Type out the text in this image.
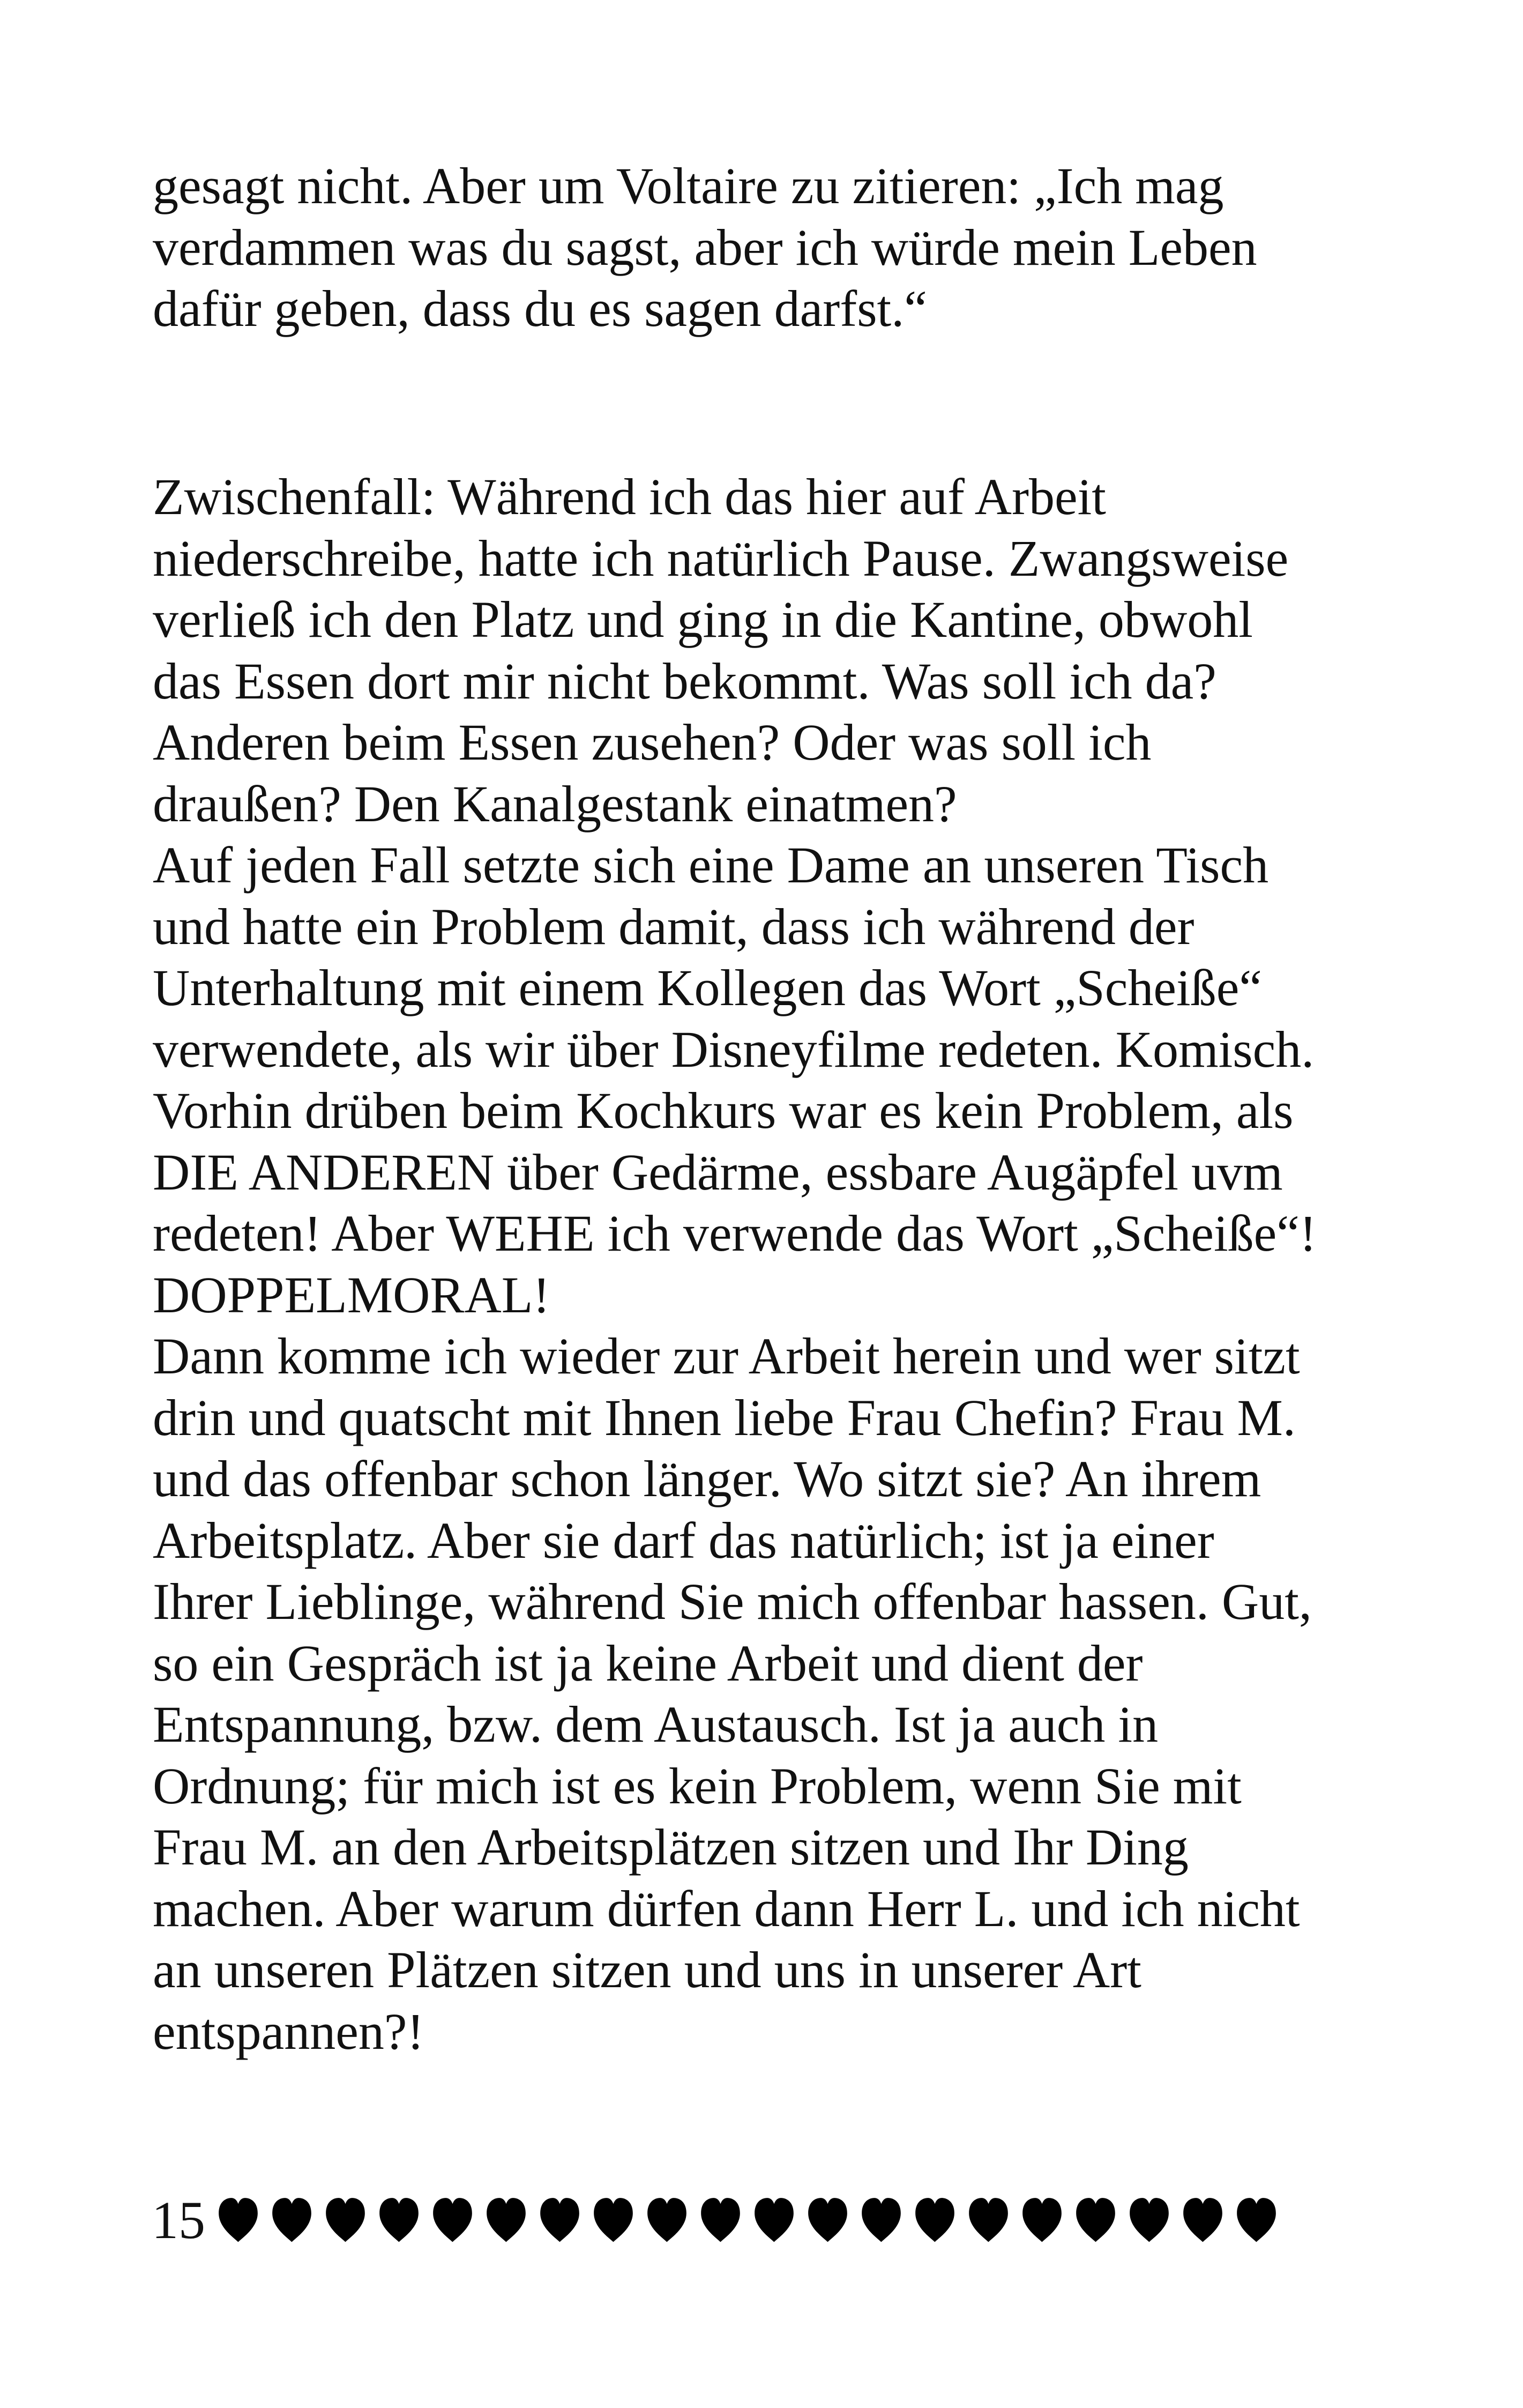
gesagt nicht. Aber um Voltaire zu zitieren: „Ich mag
verdammen was du sagst, aber ich würde mein Leben
dafür geben, dass du es sagen darfst.“

Zwischenfall: Während ich das hier auf Arbeit
niederschreibe, hatte ich natürlich Pause. Zwangsweise
verließ ich den Platz und ging in die Kantine, obwohl
das Essen dort mir nicht bekommt. Was soll ich da?
Anderen beim Essen zusehen? Oder was soll ich
draußen? Den Kanalgestank einatmen?
Auf jeden Fall setzte sich eine Dame an unseren Tisch
und hatte ein Problem damit, dass ich während der
Unterhaltung mit einem Kollegen das Wort „Scheiße“
verwendete, als wir über Disneyfilme redeten. Komisch.
Vorhin drüben beim Kochkurs war es kein Problem, als
DIE ANDEREN über Gedärme, essbare Augäpfel uvm
redeten! Aber WEHE ich verwende das Wort „Scheiße“!
DOPPELMORAL!
Dann komme ich wieder zur Arbeit herein und wer sitzt
drin und quatscht mit Ihnen liebe Frau Chefin? Frau M.
und das offenbar schon länger. Wo sitzt sie? An ihrem
Arbeitsplatz. Aber sie darf das natürlich; ist ja einer
Ihrer Lieblinge, während Sie mich offenbar hassen. Gut,
so ein Gespräch ist ja keine Arbeit und dient der
Entspannung, bzw. dem Austausch. Ist ja auch in
Ordnung; für mich ist es kein Problem, wenn Sie mit
Frau M. an den Arbeitsplätzen sitzen und Ihr Ding
machen. Aber warum dürfen dann Herr L. und ich nicht
an unseren Plätzen sitzen und uns in unserer Art
entspannen?!

15
